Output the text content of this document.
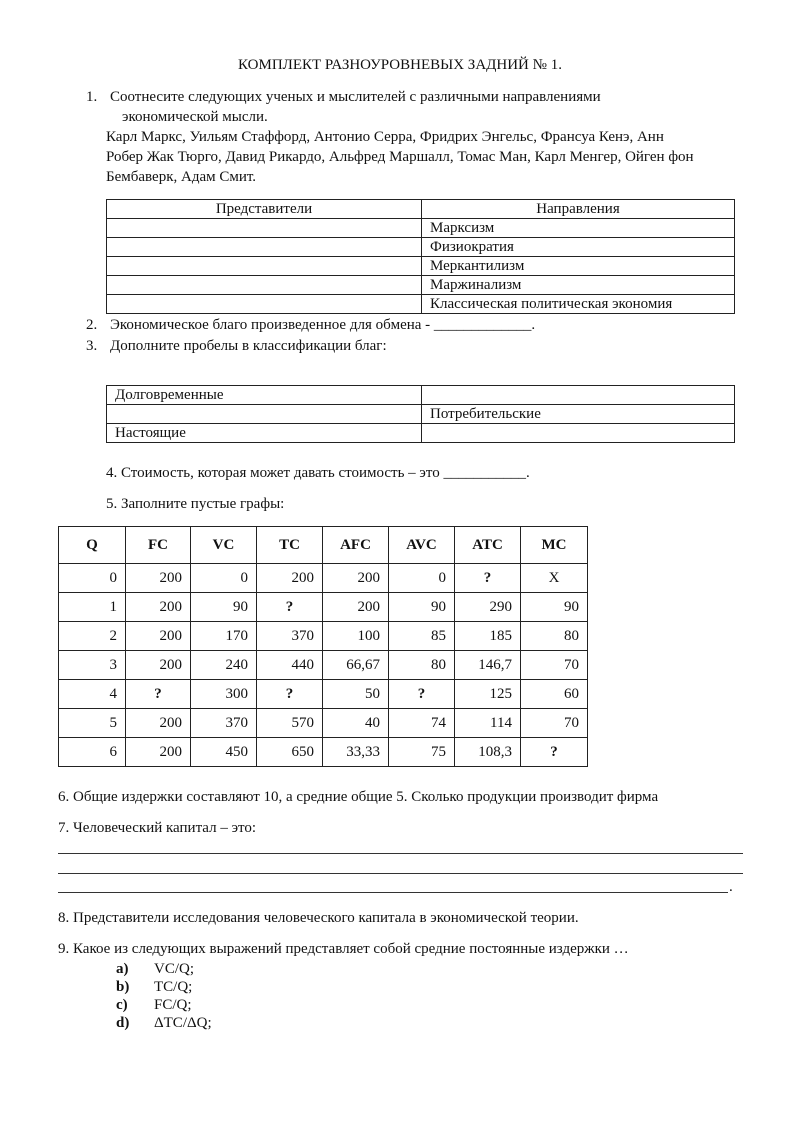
КОМПЛЕКТ РАЗНОУРОВНЕВЫХ ЗАДНИЙ № 1.
1. Соотнесите следующих ученых и мыслителей с различными направлениями
экономической мысли.
Карл Маркс, Уильям Стаффорд, Антонио Серра, Фридрих Энгельс, Франсуа Кенэ, Анн
Робер Жак Тюрго, Давид Рикардо, Альфред Маршалл, Томас Ман, Карл Менгер, Ойген фон
Бембаверк, Адам Смит.
Представители	Направления
	Марксизм
	Физиократия
	Меркантилизм
	Маржинализм
	Классическая политическая экономия
2. Экономическое благо произведенное для обмена - _____________.
3. Дополните пробелы в классификации благ:
Долговременные	
	Потребительские
Настоящие	
4. Стоимость, которая может давать стоимость – это ___________.
5. Заполните пустые графы:
Q	FC	VC	TC	AFC	AVC	ATC	MC
0	200	0	200	200	0	?	Х
1	200	90	?	200	90	290	90
2	200	170	370	100	85	185	80
3	200	240	440	66,67	80	146,7	70
4	?	300	?	50	?	125	60
5	200	370	570	40	74	114	70
6	200	450	650	33,33	75	108,3	?
6. Общие издержки составляют 10, а средние общие 5. Сколько продукции производит фирма
7. Человеческий капитал – это:
.
8. Представители исследования человеческого капитала в экономической теории.
9. Какое из следующих выражений представляет собой средние постоянные издержки …
a) VC/Q;
b) TC/Q;
c) FC/Q;
d) ΔTC/ΔQ;
